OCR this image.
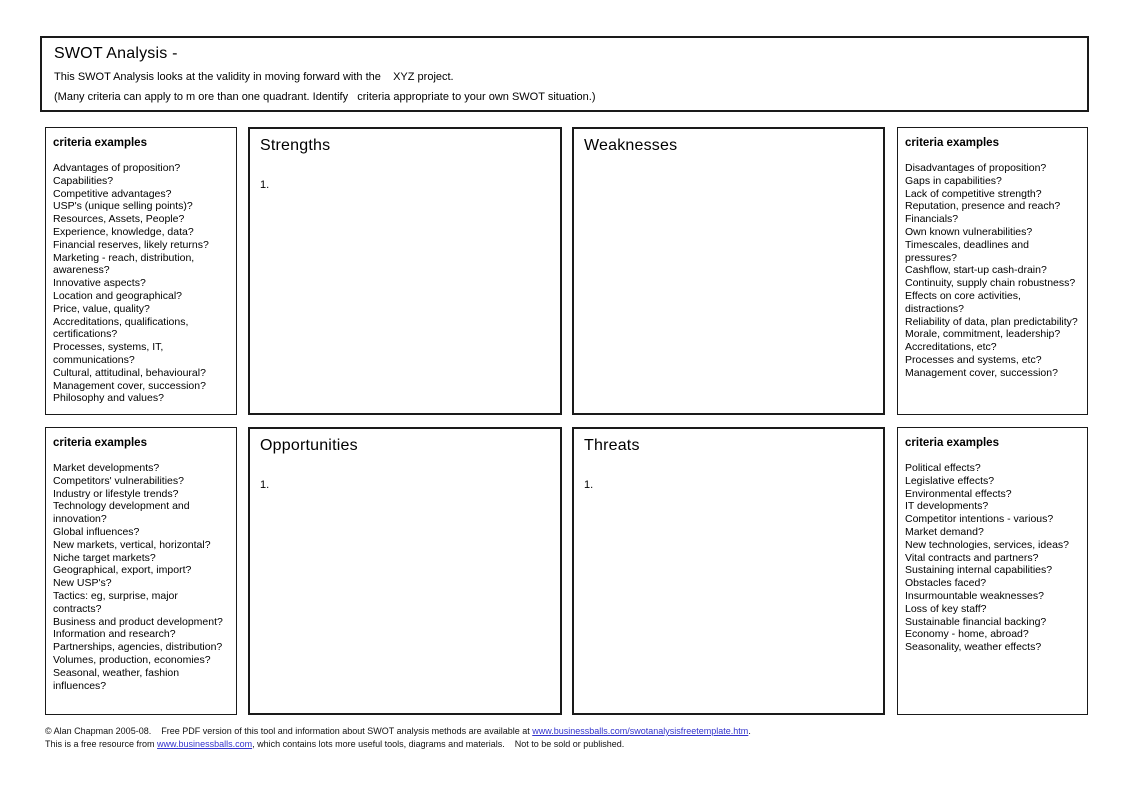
SWOT Analysis -
This SWOT Analysis looks at the validity in moving forward with the    XYZ project.
(Many criteria can apply to m ore than one quadrant. Identify   criteria appropriate to your own SWOT situation.)
criteria examples
Advantages of proposition?
Capabilities?
Competitive advantages?
USP's (unique selling points)?
Resources, Assets, People?
Experience, knowledge, data?
Financial reserves, likely returns?
Marketing - reach, distribution, awareness?
Innovative aspects?
Location and geographical?
Price, value, quality?
Accreditations, qualifications, certifications?
Processes, systems, IT, communications?
Cultural, attitudinal, behavioural?
Management cover, succession?
Philosophy and values?
Strengths
1.
Weaknesses	criteria examples
Disadvantages of proposition?
Gaps in capabilities?
Lack of competitive strength?
Reputation, presence and reach?
Financials?
Own known vulnerabilities?
Timescales, deadlines and pressures?
Cashflow, start-up cash-drain?
Continuity, supply chain robustness?
Effects on core activities, distractions?
Reliability of data, plan predictability?
Morale, commitment, leadership?
Accreditations, etc?
Processes and systems, etc?
Management cover, succession?
criteria examples
Market developments?
Competitors' vulnerabilities?
Industry or lifestyle trends?
Technology development and innovation?
Global influences?
New markets, vertical, horizontal?
Niche target markets?
Geographical, export, import?
New USP's?
Tactics: eg, surprise, major contracts?
Business and product development?
Information and research?
Partnerships, agencies, distribution?
Volumes, production, economies?
Seasonal, weather, fashion influences?
Opportunities
1.
Threats
1.
criteria examples
Political effects?
Legislative effects?
Environmental effects?
IT developments?
Competitor intentions - various?
Market demand?
New technologies, services, ideas?
Vital contracts and partners?
Sustaining internal capabilities?
Obstacles faced?
Insurmountable weaknesses?
Loss of key staff?
Sustainable financial backing?
Economy - home, abroad?
Seasonality, weather effects?
© Alan Chapman 2005-08.    Free PDF version of this tool and information about SWOT analysis methods are available at www.businessballs.com/swotanalysisfreetemplate.htm.
This is a free resource from www.businessballs.com, which contains lots more useful tools, diagrams and materials.    Not to be sold or published.
